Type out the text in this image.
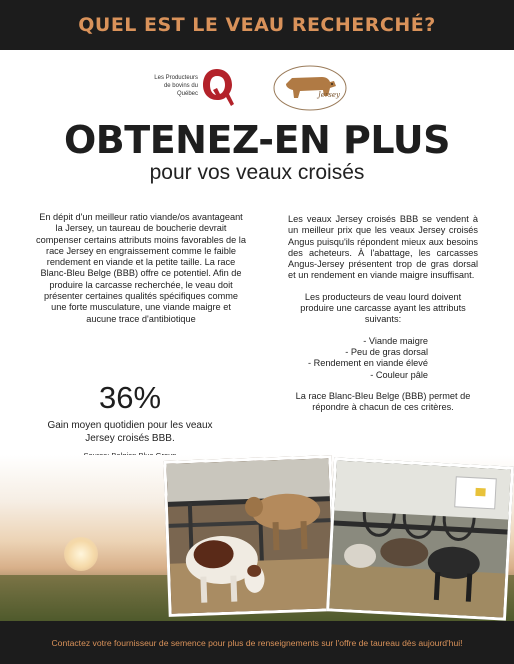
QUEL EST LE VEAU RECHERCHÉ?
Les Producteurs
de bovins du
Québec	Jersey
OBTENEZ-EN PLUS
pour vos veaux croisés

En dépit d'un meilleur ratio viande/os avantageant la Jersey, un taureau de boucherie devrait compenser certains attributs moins favorables de la race Jersey en engraissement comme le faible rendement en viande et la petite taille. La race Blanc-Bleu Belge (BBB) offre ce potentiel. Afin de produire la carcasse recherchée, le veau doit présenter certaines qualités spécifiques comme une forte musculature, une viande maigre et aucune trace d'antibiotique

36%
Gain moyen quotidien pour les veaux Jersey croisés BBB.

Les veaux Jersey croisés BBB se vendent à un meilleur prix que les veaux Jersey croisés Angus puisqu'ils répondent mieux aux besoins des acheteurs. À l'abattage, les carcasses Angus-Jersey présentent trop de gras dorsal et un rendement en viande maigre insuffisant.

Les producteurs de veau lourd doivent produire une carcasse ayant les attributs suivants:

- Viande maigre
- Peu de gras dorsal
- Rendement en viande élevé
- Couleur pâle

La race Blanc-Bleu Belge (BBB) permet de répondre à chacun de ces critères.

Contactez votre fournisseur de semence pour plus de renseignements sur l'offre de taureau dès aujourd'hui!
